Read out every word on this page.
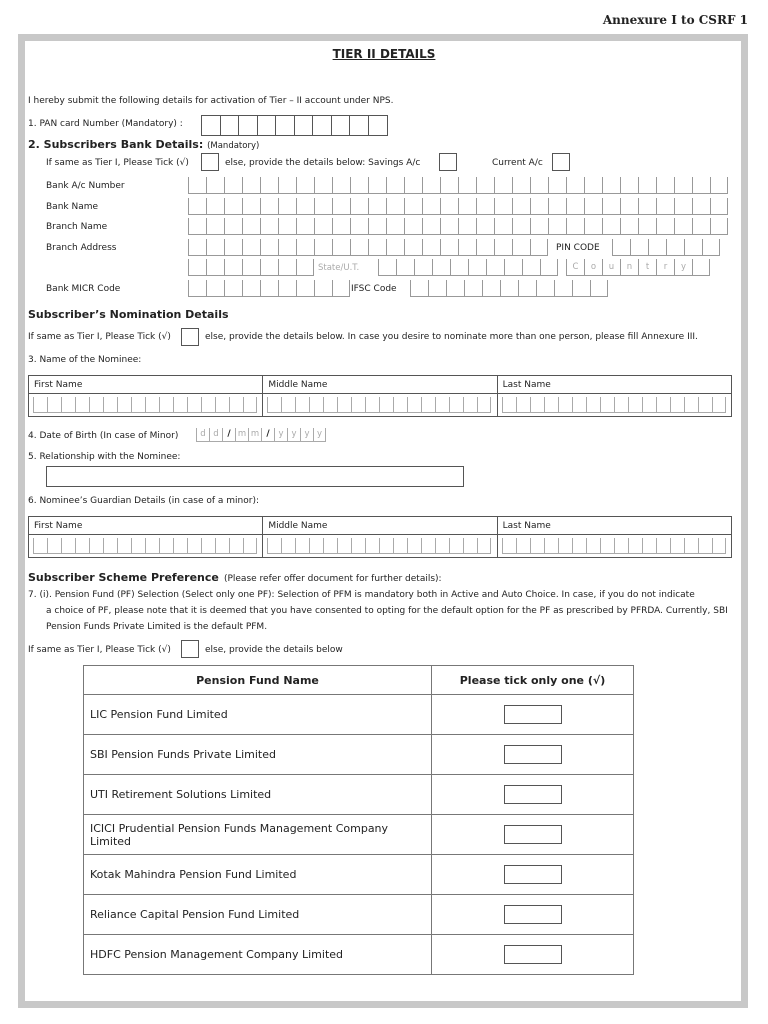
Annexure I to CSRF 1
TIER II DETAILS
I hereby submit the following details for activation of Tier – II account under NPS.
1. PAN card Number (Mandatory) :
2. Subscribers Bank Details: (Mandatory)
If same as Tier I, Please Tick (√)	else, provide the details below: Savings A/c	Current A/c
Bank A/c Number
Bank Name
Branch Name
Branch Address	PIN CODE
State/U.T.	C	o	u	n	t	r	y
Bank MICR Code	IFSC Code
Subscriber’s Nomination Details
If same as Tier I, Please Tick (√)	else, provide the details below. In case you desire to nominate more than one person, please fill Annexure III.
3. Name of the Nominee:
First Name	Middle Name	Last Name

4. Date of Birth (In case of Minor)	d d / m m /	y y y y
5. Relationship with the Nominee:
6. Nominee’s Guardian Details (in case of a minor):
First Name	Middle Name	Last Name

Subscriber Scheme Preference (Please refer offer document for further details):
7. (i). Pension Fund (PF) Selection (Select only one PF): Selection of PFM is mandatory both in Active and Auto Choice. In case, if you do not indicate
a choice of PF, please note that it is deemed that you have consented to opting for the default option for the PF as prescribed by PFRDA. Currently, SBI
Pension Funds Private Limited is the default PFM.
If same as Tier I, Please Tick (√)	else, provide the details below
Pension Fund Name	Please tick only one (√)
LIC Pension Fund Limited	
SBI Pension Funds Private Limited	
UTI Retirement Solutions Limited	
ICICI Prudential Pension Funds Management Company Limited	
Kotak Mahindra Pension Fund Limited	
Reliance Capital Pension Fund Limited	
HDFC Pension Management Company Limited	
